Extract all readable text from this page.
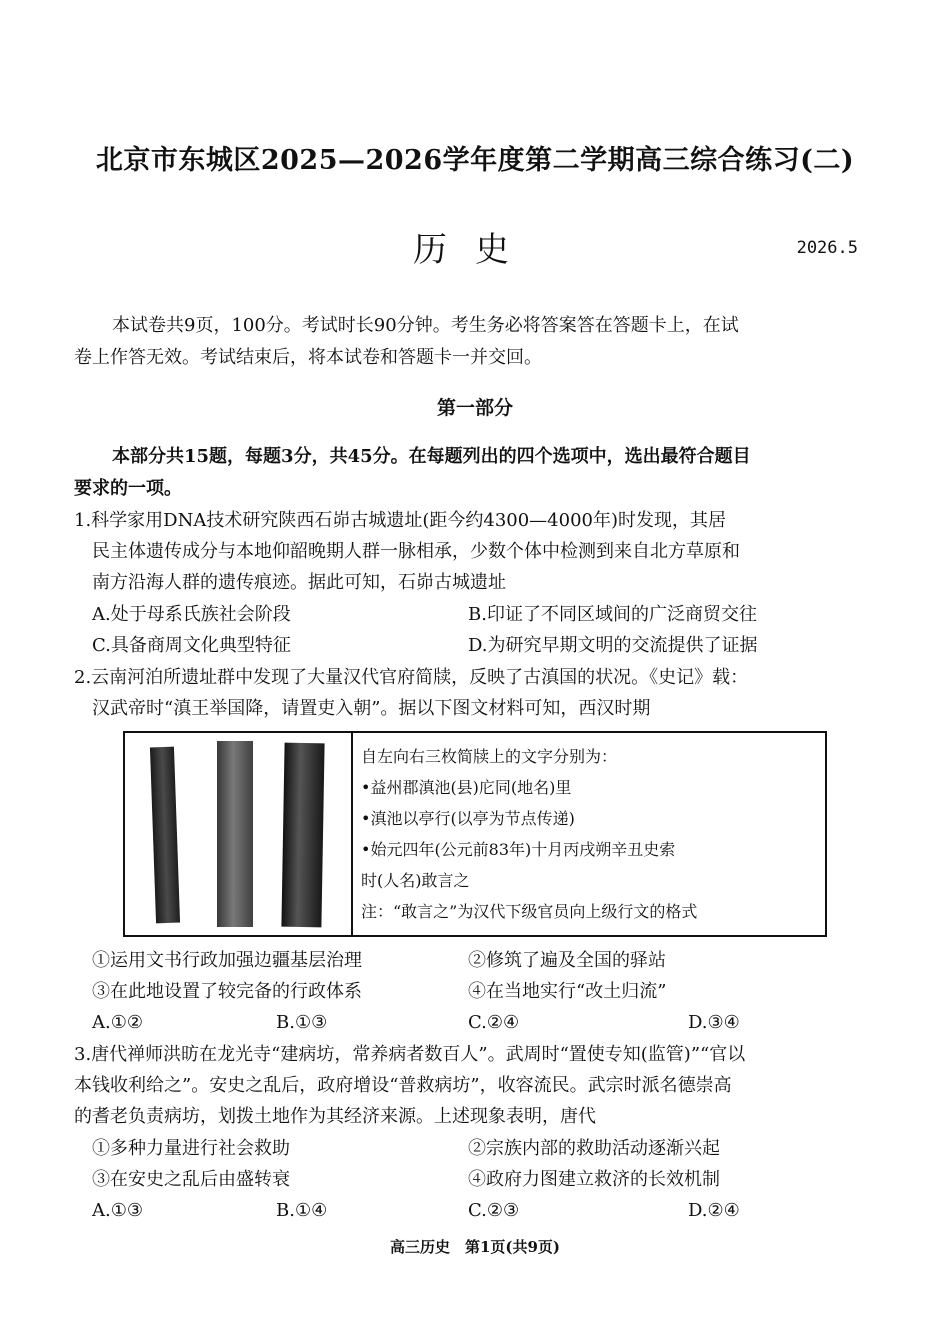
北京市东城区2025—2026学年度第二学期高三综合练习(二)
历史	2026.5
本试卷共9页，100分。考试时长90分钟。考生务必将答案答在答题卡上，在试
卷上作答无效。考试结束后，将本试卷和答题卡一并交回。
第一部分
本部分共15题，每题3分，共45分。在每题列出的四个选项中，选出最符合题目
要求的一项。
1.科学家用DNA技术研究陕西石峁古城遗址(距今约4300—4000年)时发现，其居
民主体遗传成分与本地仰韶晚期人群一脉相承，少数个体中检测到来自北方草原和
南方沿海人群的遗传痕迹。据此可知，石峁古城遗址
A.处于母系氏族社会阶段	B.印证了不同区域间的广泛商贸交往
C.具备商周文化典型特征	D.为研究早期文明的交流提供了证据
2.云南河泊所遗址群中发现了大量汉代官府简牍，反映了古滇国的状况。《史记》载：
汉武帝时“滇王举国降，请置吏入朝”。据以下图文材料可知，西汉时期
自左向右三枚简牍上的文字分别为：
•益州郡滇池(县)庀同(地名)里
•滇池以亭行(以亭为节点传递)
•始元四年(公元前83年)十月丙戌朔辛丑史索
时(人名)敢言之
注：“敢言之”为汉代下级官员向上级行文的格式
①运用文书行政加强边疆基层治理	②修筑了遍及全国的驿站
③在此地设置了较完备的行政体系	④在当地实行“改土归流”
A.①②	B.①③	C.②④	D.③④
3.唐代禅师洪昉在龙光寺“建病坊，常养病者数百人”。武周时“置使专知(监管)”“官以
本钱收利给之”。安史之乱后，政府增设“普救病坊”，收容流民。武宗时派名德崇高
的耆老负责病坊，划拨土地作为其经济来源。上述现象表明，唐代
①多种力量进行社会救助	②宗族内部的救助活动逐渐兴起
③在安史之乱后由盛转衰	④政府力图建立救济的长效机制
A.①③	B.①④	C.②③	D.②④
高三历史　第1页(共9页)
